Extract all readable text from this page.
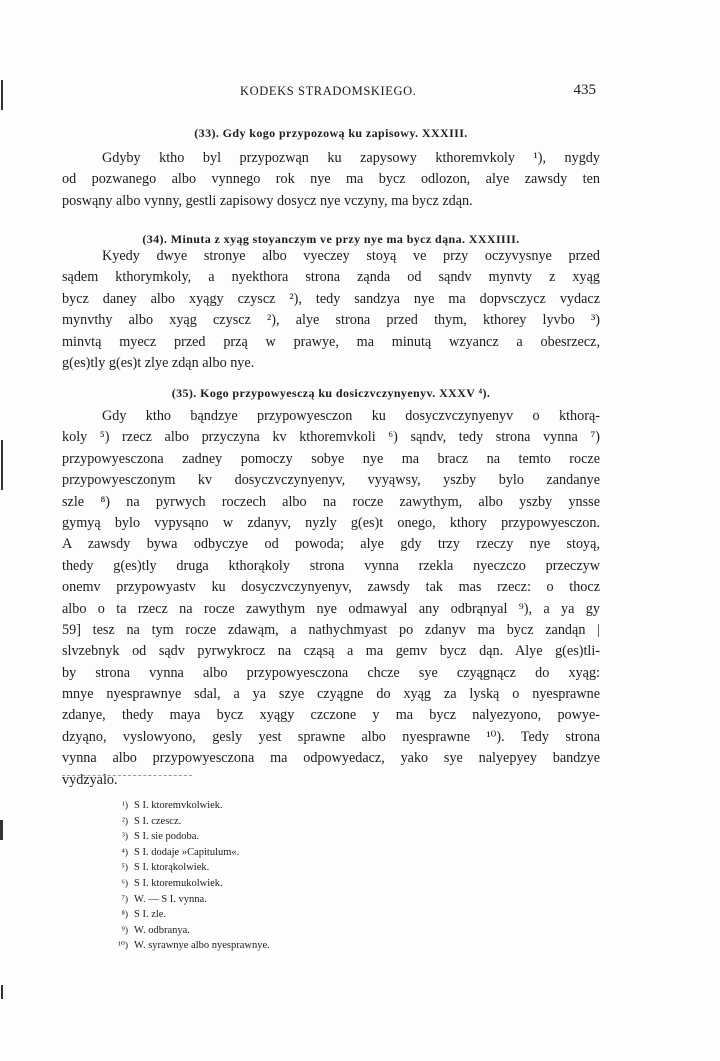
KODEKS STRADOMSKIEGO.	435
(33). Gdy kogo przypozową ku zapisowy. XXXIII.

Gdyby ktho byl przypozwąn ku zapysowy kthoremvkoly ¹), nygdy
od pozwanego albo vynnego rok nye ma bycz odlozon, alye zawsdy ten
poswąny albo vynny, gestli zapisowy dosycz nye vczyny, ma bycz zdąn.

(34). Minuta z xyąg stoyanczym ve przy nye ma bycz dąna. XXXIIII.

Kyedy dwye stronye albo vyeczey stoyą ve przy oczyvysnye przed
sądem kthorymkoly, a nyekthora strona ząnda od sąndv mynvty z xyąg
bycz daney albo xyągy czyscz ²), tedy sandzya nye ma dopvsczycz vydacz
mynvthy albo xyąg czyscz ²), alye strona przed thym, kthorey lyvbo ³)
minvtą myecz przed przą w prawye, ma minutą wzyancz a obesrzecz,
g(es)tly g(es)t zlye zdąn albo nye.

(35). Kogo przypowyesczą ku dosiczvczynyenyv. XXXV ⁴).

Gdy ktho bąndzye przypowyesczon ku dosyczvczynyenyv o kthorą-
koly ⁵) rzecz albo przyczyna kv kthoremvkoli ⁶) sąndv, tedy strona vynna ⁷)
przypowyesczona zadney pomoczy sobye nye ma bracz na temto rocze
przypowyesczonym kv dosyczvczynyenyv, vyyąwsy, yszby bylo zandanye
szle ⁸) na pyrwych roczech albo na rocze zawythym, albo yszby ynsse
gymyą bylo vypysąno w zdanyv, nyzly g(es)t onego, kthory przypowyesczon.
A zawsdy bywa odbyczye od powoda; alye gdy trzy rzeczy nye stoyą,
thedy g(es)tly druga kthorąkoly strona vynna rzekla nyeczczo przeczyw
onemv przypowyastv ku dosyczvczynyenyv, zawsdy tak mas rzecz: o thocz
albo o ta rzecz na rocze zawythym nye odmawyal any odbrąnyal ⁹), a ya gy
59] tesz na tym rocze zdawąm, a nathychmyast po zdanyv ma bycz zandąn |
slvzebnyk od sądv pyrwykrocz na cząsą a ma gemv bycz dąn. Alye g(es)tli-
by strona vynna albo przypowyesczona chcze sye czyągnącz do xyąg:
mnye nyesprawnye sdal, a ya szye czyągne do xyąg za lyską o nyesprawne
zdanye, thedy maya bycz xyągy czczone y ma bycz nalyezyono, powye-
dzyąno, vyslowyono, gesly yest sprawne albo nyesprawne ¹⁰). Tedy strona
vynna albo przypowyesczona ma odpowyedacz, yako sye nalyepyey bandzye
vydzyalo.

¹) S I. ktoremvkolwiek.
²) S I. czescz.
³) S I. sie podoba.
⁴) S I. dodaje »Capitulum«.
⁵) S I. ktorąkolwiek.
⁶) S I. ktoremukolwiek.
⁷) W. — S I. vynna.
⁸) S I. zle.
⁹) W. odbranya.
¹⁰) W. syrawnye albo nyesprawnye.
